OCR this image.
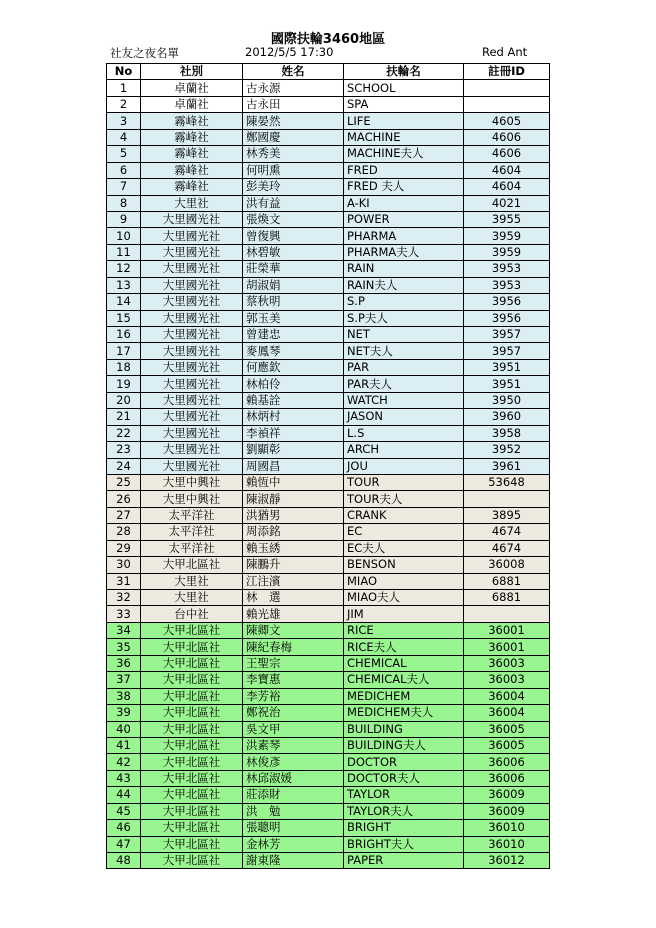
國際扶輪3460地區
社友之夜名單	2012/5/5 17:30	Red Ant
No	社別	姓名	扶輪名	註冊ID
1	卓蘭社	古永源	SCHOOL	
2	卓蘭社	古永田	SPA	
3	霧峰社	陳晏然	LIFE	4605
4	霧峰社	鄭國慶	MACHINE	4606
5	霧峰社	林秀美	MACHINE夫人	4606
6	霧峰社	何明熏	FRED	4604
7	霧峰社	彭美玲	FRED 夫人	4604
8	大里社	洪有益	A-KI	4021
9	大里國光社	張煥文	POWER	3955
10	大里國光社	曾復興	PHARMA	3959
11	大里國光社	林碧敏	PHARMA夫人	3959
12	大里國光社	莊榮華	RAIN	3953
13	大里國光社	胡淑娟	RAIN夫人	3953
14	大里國光社	蔡秋明	S.P	3956
15	大里國光社	郭玉美	S.P夫人	3956
16	大里國光社	曾建忠	NET	3957
17	大里國光社	麥鳳琴	NET夫人	3957
18	大里國光社	何應欽	PAR	3951
19	大里國光社	林柏伶	PAR夫人	3951
20	大里國光社	賴基詮	WATCH	3950
21	大里國光社	林炳村	JASON	3960
22	大里國光社	李禎祥	L.S	3958
23	大里國光社	劉顯彰	ARCH	3952
24	大里國光社	周國昌	JOU	3961
25	大里中興社	賴恆中	TOUR	53648
26	大里中興社	陳淑靜	TOUR夫人	
27	太平洋社	洪猶男	CRANK	3895
28	太平洋社	周添銘	EC	4674
29	太平洋社	賴玉綉	EC夫人	4674
30	大甲北區社	陳鵬升	BENSON	36008
31	大里社	江注濱	MIAO	6881
32	大里社	林　選	MIAO夫人	6881
33	台中社	賴光雄	JIM	
34	大甲北區社	陳卿文	RICE	36001
35	大甲北區社	陳紀春梅	RICE夫人	36001
36	大甲北區社	王聖宗	CHEMICAL	36003
37	大甲北區社	李寶惠	CHEMICAL夫人	36003
38	大甲北區社	李芳裕	MEDICHEM	36004
39	大甲北區社	鄭祝治	MEDICHEM夫人	36004
40	大甲北區社	吳文甲	BUILDING	36005
41	大甲北區社	洪素琴	BUILDING夫人	36005
42	大甲北區社	林俊彥	DOCTOR	36006
43	大甲北區社	林邱淑媛	DOCTOR夫人	36006
44	大甲北區社	莊添財	TAYLOR	36009
45	大甲北區社	洪　勉	TAYLOR夫人	36009
46	大甲北區社	張聰明	BRIGHT	36010
47	大甲北區社	金林芳	BRIGHT夫人	36010
48	大甲北區社	謝東隆	PAPER	36012
